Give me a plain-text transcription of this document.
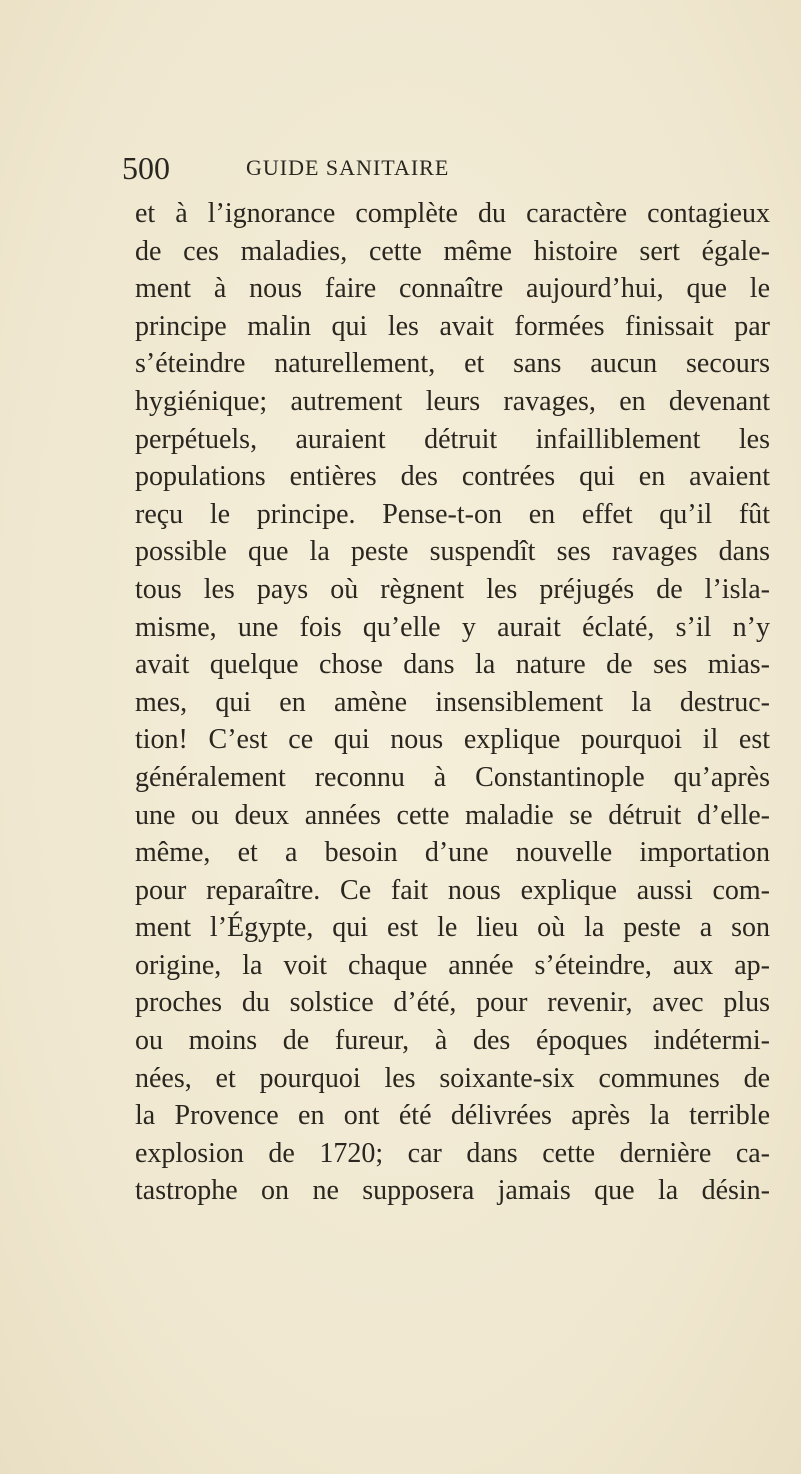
500	GUIDE SANITAIRE
et à l’ignorance complète du caractère contagieux
de ces maladies, cette même histoire sert égale-
ment à nous faire connaître aujourd’hui, que le
principe malin qui les avait formées finissait par
s’éteindre naturellement, et sans aucun secours
hygiénique; autrement leurs ravages, en devenant
perpétuels, auraient détruit infailliblement les
populations entières des contrées qui en avaient
reçu le principe. Pense-t-on en effet qu’il fût
possible que la peste suspendît ses ravages dans
tous les pays où règnent les préjugés de l’isla-
misme, une fois qu’elle y aurait éclaté, s’il n’y
avait quelque chose dans la nature de ses mias-
mes, qui en amène insensiblement la destruc-
tion! C’est ce qui nous explique pourquoi il est
généralement reconnu à Constantinople qu’après
une ou deux années cette maladie se détruit d’elle-
même, et a besoin d’une nouvelle importation
pour reparaître. Ce fait nous explique aussi com-
ment l’Égypte, qui est le lieu où la peste a son
origine, la voit chaque année s’éteindre, aux ap-
proches du solstice d’été, pour revenir, avec plus
ou moins de fureur, à des époques indétermi-
nées, et pourquoi les soixante-six communes de
la Provence en ont été délivrées après la terrible
explosion de 1720; car dans cette dernière ca-
tastrophe on ne supposera jamais que la désin-
